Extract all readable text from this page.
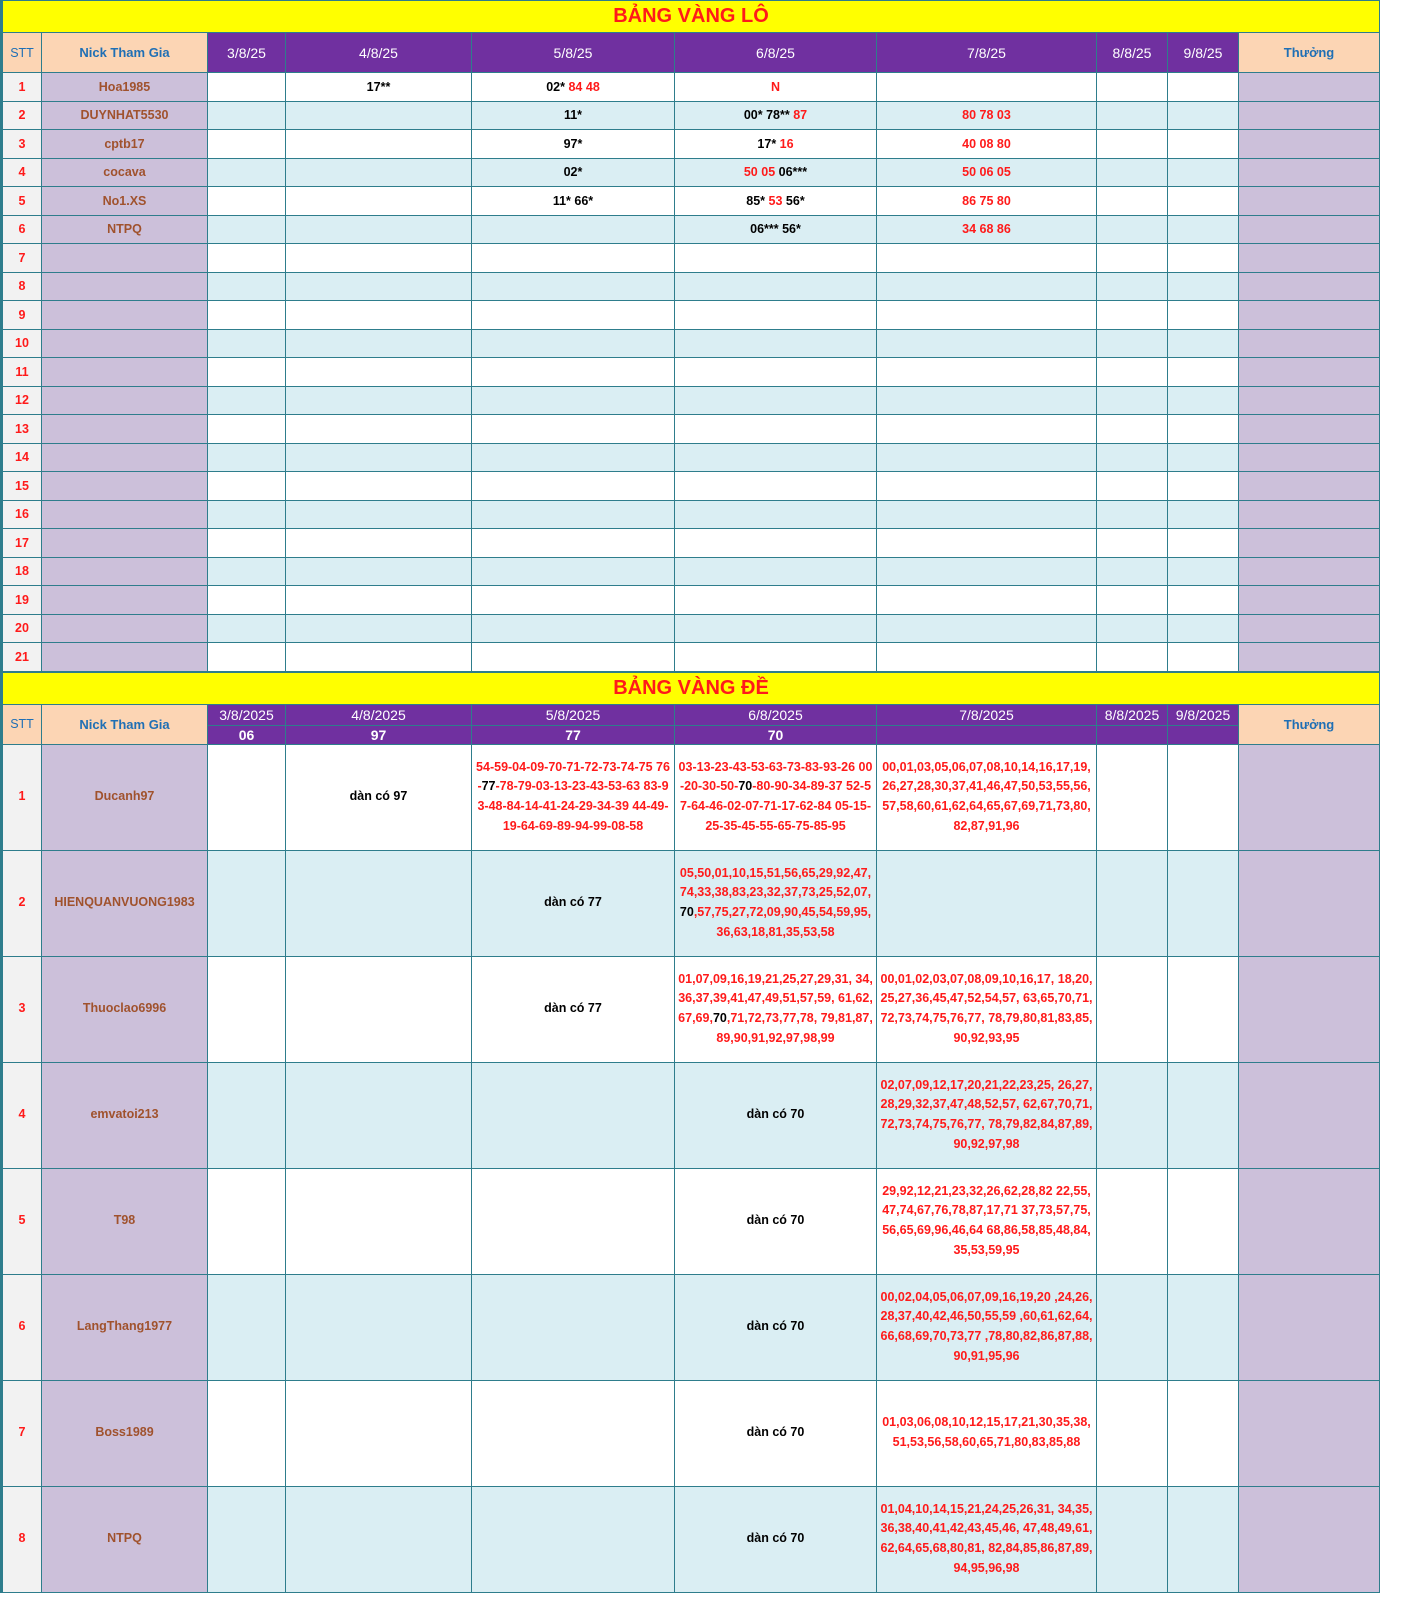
BẢNG VÀNG LÔ									
STT	Nick Tham Gia	3/8/25	4/8/25	5/8/25	6/8/25	7/8/25	8/8/25	9/8/25	Thưởng
1	Hoa1985		17**	02* 84 48	N				
2	DUYNHAT5530			11*	00* 78** 87	80 78 03			
3	cptb17			97*	17* 16	40 08 80			
4	cocava			02*	50 05 06***	50 06 05			
5	No1.XS			11* 66*	85* 53 56*	86 75 80			
6	NTPQ				06*** 56*	34 68 86			
7									
8									
9									
10									
11									
12									
13									
14									
15									
16									
17									
18									
19									
20									
21									
BẢNG VÀNG ĐỀ									
STT	Nick Tham Gia	3/8/2025	4/8/2025	5/8/2025	6/8/2025	7/8/2025	8/8/2025	9/8/2025	Thưởng
		06	97	77	70				
1	Ducanh97		dàn có 97	54-59-04-09-70-71-72-73-74-75 76-77-78-79-03-13-23-43-53-63 83-93-48-84-14-41-24-29-34-39 44-49-19-64-69-89-94-99-08-58	03-13-23-43-53-63-73-83-93-26 00-20-30-50-70-80-90-34-89-37 52-57-64-46-02-07-71-17-62-84 05-15-25-35-45-55-65-75-85-95	00,01,03,05,06,07,08,10,14,16,17,19, 26,27,28,30,37,41,46,47,50,53,55,56, 57,58,60,61,62,64,65,67,69,71,73,80, 82,87,91,96			
2	HIENQUANVUONG1983			dàn có 77	05,50,01,10,15,51,56,65,29,92,47, 74,33,38,83,23,32,37,73,25,52,07, 70,57,75,27,72,09,90,45,54,59,95, 36,63,18,81,35,53,58				
3	Thuoclao6996			dàn có 77	01,07,09,16,19,21,25,27,29,31, 34,36,37,39,41,47,49,51,57,59, 61,62,67,69,70,71,72,73,77,78, 79,81,87,89,90,91,92,97,98,99	00,01,02,03,07,08,09,10,16,17, 18,20,25,27,36,45,47,52,54,57, 63,65,70,71,72,73,74,75,76,77, 78,79,80,81,83,85,90,92,93,95			
4	emvatoi213				dàn có 70	02,07,09,12,17,20,21,22,23,25, 26,27,28,29,32,37,47,48,52,57, 62,67,70,71,72,73,74,75,76,77, 78,79,82,84,87,89,90,92,97,98			
5	T98				dàn có 70	29,92,12,21,23,32,26,62,28,82 22,55,47,74,67,76,78,87,17,71 37,73,57,75,56,65,69,96,46,64 68,86,58,85,48,84,35,53,59,95			
6	LangThang1977				dàn có 70	00,02,04,05,06,07,09,16,19,20 ,24,26,28,37,40,42,46,50,55,59 ,60,61,62,64,66,68,69,70,73,77 ,78,80,82,86,87,88,90,91,95,96			
7	Boss1989				dàn có 70	01,03,06,08,10,12,15,17,21,30,35,38, 51,53,56,58,60,65,71,80,83,85,88			
8	NTPQ				dàn có 70	01,04,10,14,15,21,24,25,26,31, 34,35,36,38,40,41,42,43,45,46, 47,48,49,61,62,64,65,68,80,81, 82,84,85,86,87,89,94,95,96,98			
